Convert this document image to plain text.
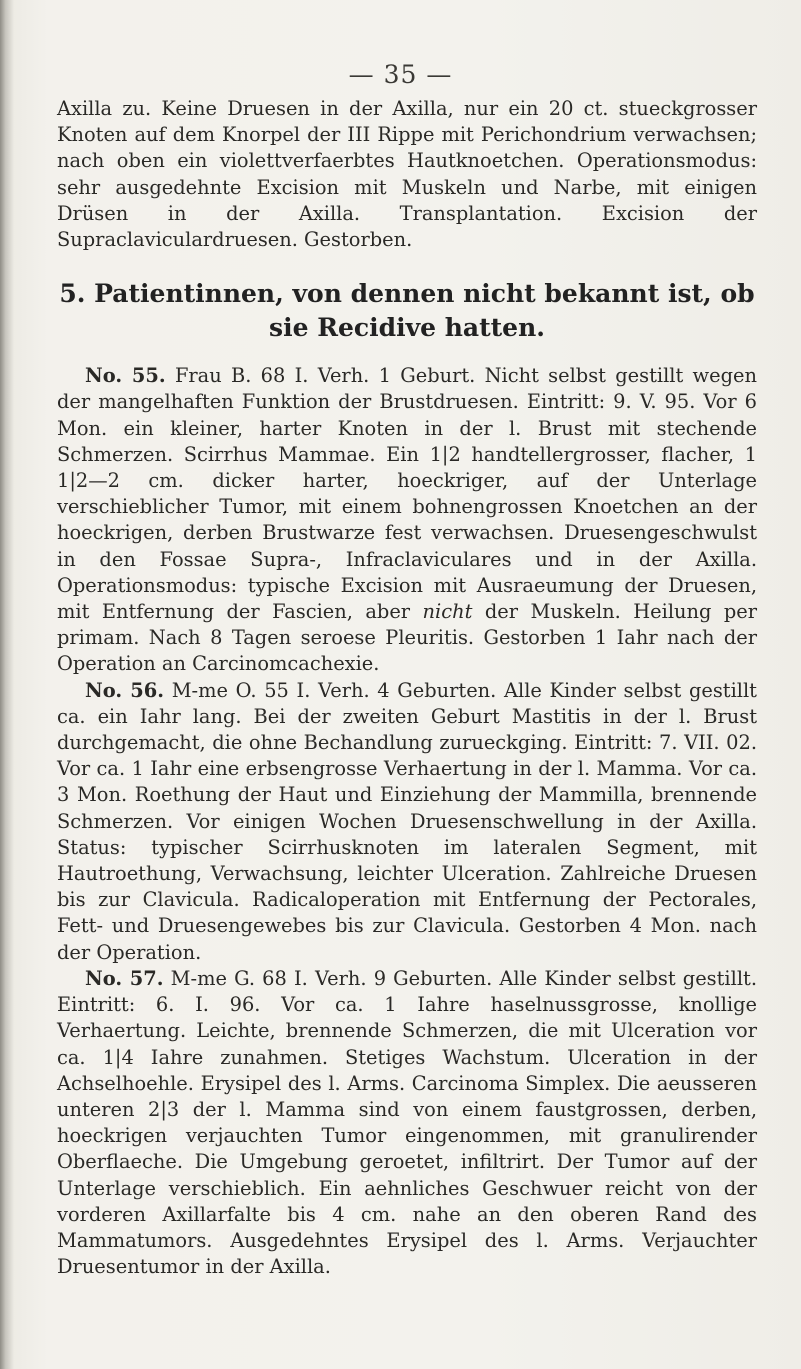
— 35 —

Axilla zu. Keine Druesen in der Axilla, nur ein 20 ct. stueckgrosser Knoten auf dem Knorpel der III Rippe mit Perichondrium verwachsen; nach oben ein violettverfaerbtes Hautknoetchen. Operationsmodus: sehr ausgedehnte Excision mit Muskeln und Narbe, mit einigen Drüsen in der Axilla. Transplantation. Excision der Supraclaviculardruesen. Gestorben.

5. Patientinnen, von dennen nicht bekannt ist, ob sie Recidive hatten.

No. 55. Frau B. 68 I. Verh. 1 Geburt. Nicht selbst gestillt wegen der mangelhaften Funktion der Brustdruesen. Eintritt: 9. V. 95. Vor 6 Mon. ein kleiner, harter Knoten in der l. Brust mit stechende Schmerzen. Scirrhus Mammae. Ein 1|2 handtellergrosser, flacher, 1 1|2—2 cm. dicker harter, hoeckriger, auf der Unterlage verschieblicher Tumor, mit einem bohnengrossen Knoetchen an der hoeckrigen, derben Brustwarze fest verwachsen. Druesengeschwulst in den Fossae Supra-, Infraclaviculares und in der Axilla. Operationsmodus: typische Excision mit Ausraeumung der Druesen, mit Entfernung der Fascien, aber nicht der Muskeln. Heilung per primam. Nach 8 Tagen seroese Pleuritis. Gestorben 1 Iahr nach der Operation an Carcinomcachexie.

No. 56. M-me O. 55 I. Verh. 4 Geburten. Alle Kinder selbst gestillt ca. ein Iahr lang. Bei der zweiten Geburt Mastitis in der l. Brust durchgemacht, die ohne Bechandlung zurueckging. Eintritt: 7. VII. 02. Vor ca. 1 Iahr eine erbsengrosse Verhaertung in der l. Mamma. Vor ca. 3 Mon. Roethung der Haut und Einziehung der Mammilla, brennende Schmerzen. Vor einigen Wochen Druesenschwellung in der Axilla. Status: typischer Scirrhusknoten im lateralen Segment, mit Hautroethung, Verwachsung, leichter Ulceration. Zahlreiche Druesen bis zur Clavicula. Radicaloperation mit Entfernung der Pectorales, Fett- und Druesengewebes bis zur Clavicula. Gestorben 4 Mon. nach der Operation.

No. 57. M-me G. 68 I. Verh. 9 Geburten. Alle Kinder selbst gestillt. Eintritt: 6. I. 96. Vor ca. 1 Iahre haselnussgrosse, knollige Verhaertung. Leichte, brennende Schmerzen, die mit Ulceration vor ca. 1|4 Iahre zunahmen. Stetiges Wachstum. Ulceration in der Achselhoehle. Erysipel des l. Arms. Carcinoma Simplex. Die aeusseren unteren 2|3 der l. Mamma sind von einem faustgrossen, derben, hoeckrigen verjauchten Tumor eingenommen, mit granulirender Oberflaeche. Die Umgebung geroetet, infiltrirt. Der Tumor auf der Unterlage verschieblich. Ein aehnliches Geschwuer reicht von der vorderen Axillarfalte bis 4 cm. nahe an den oberen Rand des Mammatumors. Ausgedehntes Erysipel des l. Arms. Verjauchter Druesentumor in der Axilla.
